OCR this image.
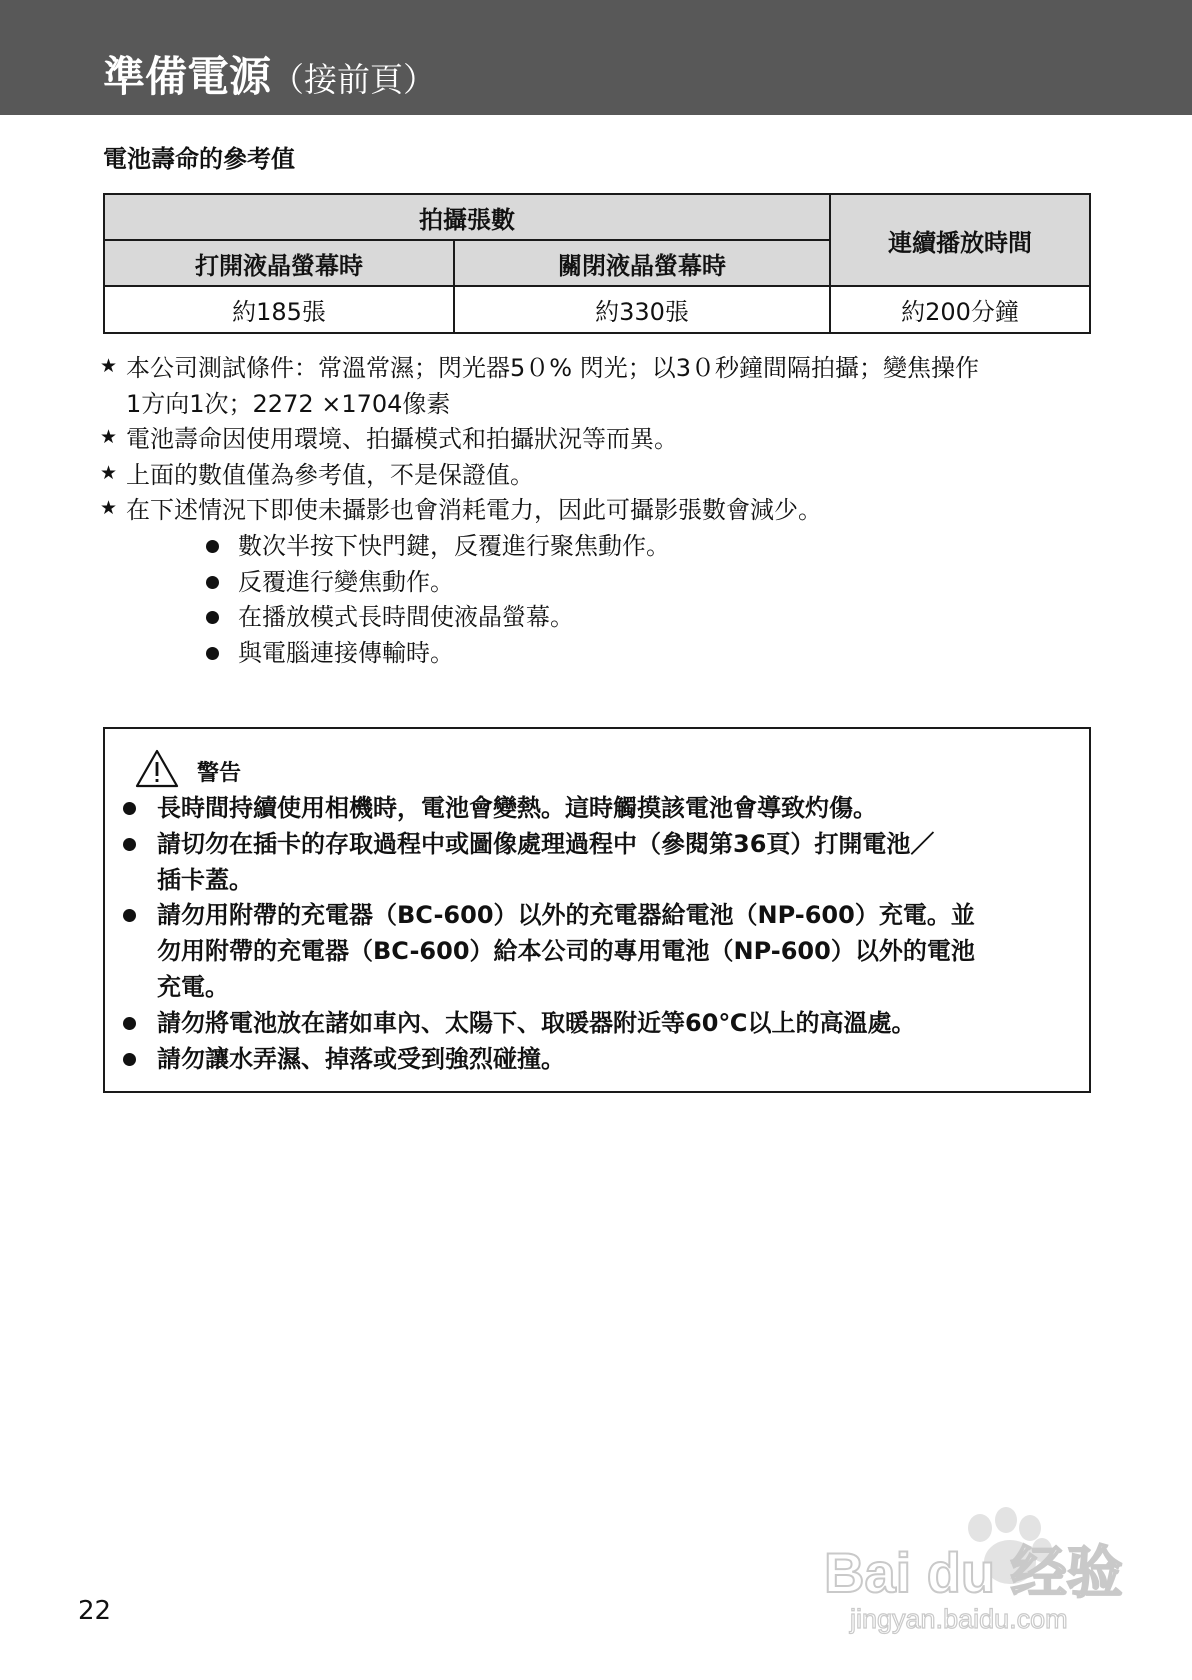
準備電源（接前頁）
電池壽命的參考值
拍攝張數		連續播放時間
打開液晶螢幕時	關閉液晶螢幕時	
約185張	約330張	約200分鐘
★ 本公司測試條件：常溫常濕；閃光器5０% 閃光；以3０秒鐘間隔拍攝；變焦操作
1方向1次；2272 ×1704像素
★ 電池壽命因使用環境、拍攝模式和拍攝狀況等而異。
★ 上面的數值僅為參考值，不是保證值。
★ 在下述情況下即使未攝影也會消耗電力，因此可攝影張數會減少。
數次半按下快門鍵，反覆進行聚焦動作。
反覆進行變焦動作。
在播放模式長時間使液晶螢幕。
與電腦連接傳輸時。
警告
長時間持續使用相機時，電池會變熱。這時觸摸該電池會導致灼傷。
請切勿在插卡的存取過程中或圖像處理過程中（參閱第36頁）打開電池／
插卡蓋。
請勿用附帶的充電器（BC-600）以外的充電器給電池（NP-600）充電。並
勿用附帶的充電器（BC-600）給本公司的專用電池（NP-600）以外的電池
充電。
請勿將電池放在諸如車內、太陽下、取暖器附近等60℃以上的高溫處。
請勿讓水弄濕、掉落或受到強烈碰撞。
22
Bai du 经验
jingyan.baidu.com
